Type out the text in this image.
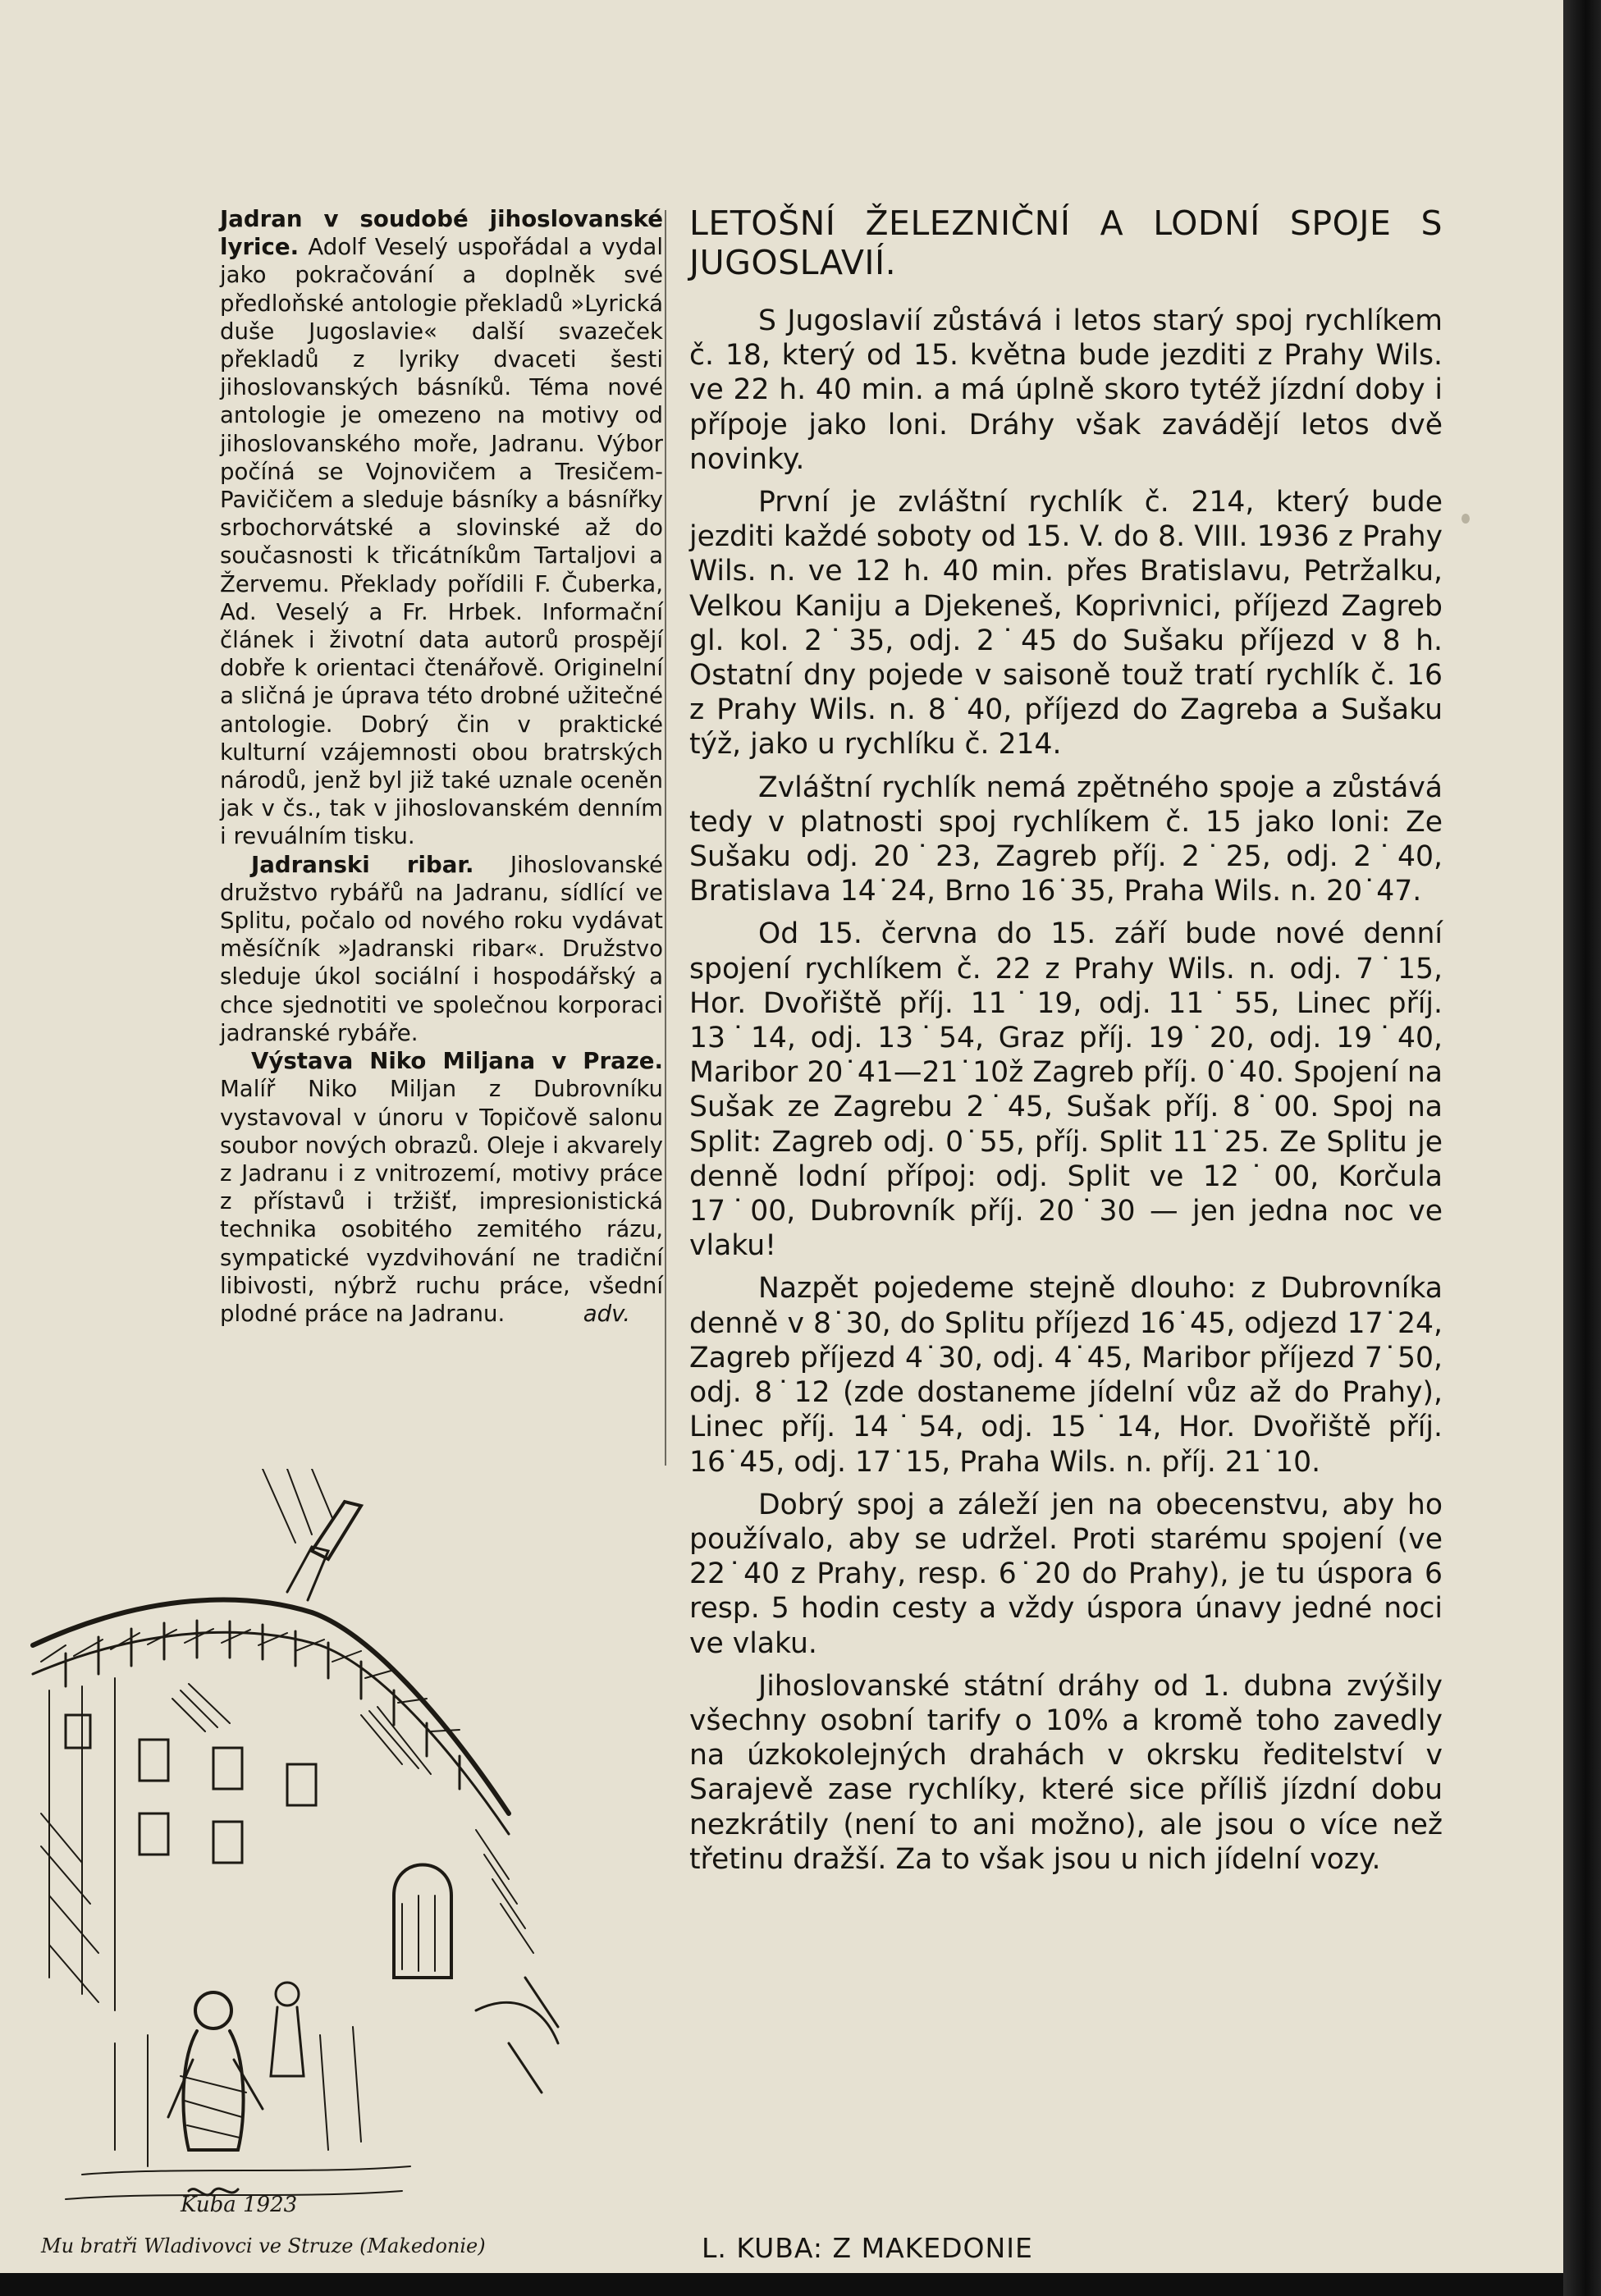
Jadran v soudobé jihoslovanské lyrice. Adolf Veselý uspořádal a vydal jako pokračování a doplněk své předloňské antologie překladů »Lyrická duše Jugoslavie« další svazeček překladů z lyriky dvaceti šesti jihoslovanských básníků. Téma nové antologie je omezeno na motivy od jihoslovanského moře, Jadranu. Výbor počíná se Vojnovičem a Tresičem-Pavičičem a sleduje básníky a básnířky srbochorvátské a slovinské až do současnosti k třicátníkům Tartaljovi a Žervemu. Překlady pořídili F. Čuberka, Ad. Veselý a Fr. Hrbek. Informační článek i životní data autorů prospějí dobře k orientaci čtenářově. Originelní a sličná je úprava této drobné užitečné antologie. Dobrý čin v praktické kulturní vzájemnosti obou bratrských národů, jenž byl již také uznale oceněn jak v čs., tak v jihoslovanském denním i revuálním tisku.

Jadranski ribar. Jihoslovanské družstvo rybářů na Jadranu, sídlící ve Splitu, počalo od nového roku vydávat měsíčník »Jadranski ribar«. Družstvo sleduje úkol sociální i hospodářský a chce sjednotiti ve společnou korporaci jadranské rybáře.

Výstava Niko Miljana v Praze. Malíř Niko Miljan z Dubrovníku vystavoval v únoru v Topičově salonu soubor nových obrazů. Oleje i akvarely z Jadranu i z vnitrozemí, motivy práce z přístavů i tržišť, impresionistická technika osobitého zemitého rázu, sympatické vyzdvihování ne tradiční libivosti, nýbrž ruchu práce, všední plodné práce na Jadranu.	adv.

LETOŠNÍ ŽELEZNIČNÍ A LODNÍ SPOJE S JUGOSLAVIÍ.

S Jugoslavií zůstává i letos starý spoj rychlíkem č. 18, který od 15. května bude jezditi z Prahy Wils. ve 22 h. 40 min. a má úplně skoro tytéž jízdní doby i přípoje jako loni. Dráhy však zavádějí letos dvě novinky.

První je zvláštní rychlík č. 214, který bude jezditi každé soboty od 15. V. do 8. VIII. 1936 z Prahy Wils. n. ve 12 h. 40 min. přes Bratislavu, Petržalku, Velkou Kaniju a Djekeneš, Koprivnici, příjezd Zagreb gl. kol. 2˙35, odj. 2˙45 do Sušaku příjezd v 8 h. Ostatní dny pojede v saisoně touž tratí rychlík č. 16 z Prahy Wils. n. 8˙40, příjezd do Zagreba a Sušaku týž, jako u rychlíku č. 214.

Zvláštní rychlík nemá zpětného spoje a zůstává tedy v platnosti spoj rychlíkem č. 15 jako loni: Ze Sušaku odj. 20˙23, Zagreb příj. 2˙25, odj. 2˙40, Bratislava 14˙24, Brno 16˙35, Praha Wils. n. 20˙47.

Od 15. června do 15. září bude nové denní spojení rychlíkem č. 22 z Prahy Wils. n. odj. 7˙15, Hor. Dvořiště příj. 11˙19, odj. 11˙55, Linec příj. 13˙14, odj. 13˙54, Graz příj. 19˙20, odj. 19˙40, Maribor 20˙41—21˙10ž Zagreb příj. 0˙40. Spojení na Sušak ze Zagrebu 2˙45, Sušak příj. 8˙00. Spoj na Split: Zagreb odj. 0˙55, příj. Split 11˙25. Ze Splitu je denně lodní přípoj: odj. Split ve 12˙00, Korčula 17˙00, Dubrovník příj. 20˙30 — jen jedna noc ve vlaku!

Nazpět pojedeme stejně dlouho: z Dubrovníka denně v 8˙30, do Splitu příjezd 16˙45, odjezd 17˙24, Zagreb příjezd 4˙30, odj. 4˙45, Maribor příjezd 7˙50, odj. 8˙12 (zde dostaneme jídelní vůz až do Prahy), Linec příj. 14˙54, odj. 15˙14, Hor. Dvořiště příj. 16˙45, odj. 17˙15, Praha Wils. n. příj. 21˙10.

Dobrý spoj a záleží jen na obecenstvu, aby ho používalo, aby se udržel. Proti starému spojení (ve 22˙40 z Prahy, resp. 6˙20 do Prahy), je tu úspora 6 resp. 5 hodin cesty a vždy úspora únavy jedné noci ve vlaku.

Jihoslovanské státní dráhy od 1. dubna zvýšily všechny osobní tarify o 10% a kromě toho zavedly na úzkokolejných drahách v okrsku ředitelství v Sarajevě zase rychlíky, které sice příliš jízdní dobu nezkrátily (není to ani možno), ale jsou o více než třetinu dražší. Za to však jsou u nich jídelní vozy.

Kuba 1923
Mu bratři Wladivovci ve Struze (Makedonie)	L. KUBA: Z MAKEDONIE
